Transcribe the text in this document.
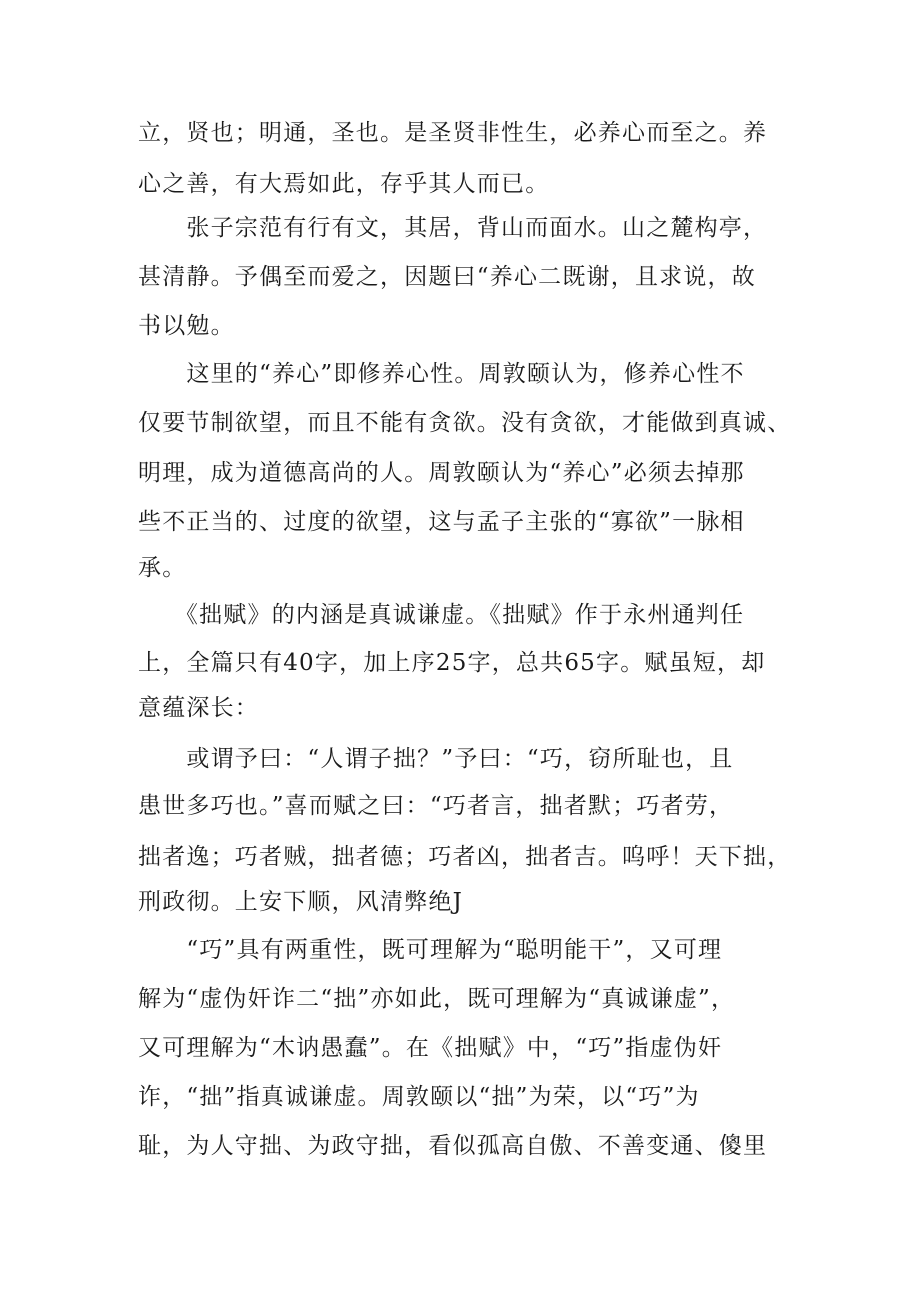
立，贤也；明通，圣也。是圣贤非性生，必养心而至之。养
心之善，有大焉如此，存乎其人而已。
　　张子宗范有行有文，其居，背山而面水。山之麓构亭，
甚清静。予偶至而爱之，因题曰“养心二既谢，且求说，故
书以勉。
　　这里的“养心”即修养心性。周敦颐认为，修养心性不
仅要节制欲望，而且不能有贪欲。没有贪欲，才能做到真诚、
明理，成为道德高尚的人。周敦颐认为“养心”必须去掉那
些不正当的、过度的欲望，这与孟子主张的“寡欲”一脉相
承。
　　《拙赋》的内涵是真诚谦虚。《拙赋》作于永州通判任
上，全篇只有40字，加上序25字，总共65字。赋虽短，却
意蕴深长：
　　或谓予曰：“人谓子拙？”予曰：“巧，窃所耻也，且
患世多巧也。”喜而赋之曰：“巧者言，拙者默；巧者劳，
拙者逸；巧者贼，拙者德；巧者凶，拙者吉。呜呼！天下拙，
刑政彻。上安下顺，风清弊绝J
　　“巧”具有两重性，既可理解为“聪明能干”，又可理
解为“虚伪奸诈二“拙”亦如此，既可理解为“真诚谦虚”，
又可理解为“木讷愚蠢”。在《拙赋》中，“巧”指虚伪奸
诈，“拙”指真诚谦虚。周敦颐以“拙”为荣，以“巧”为
耻，为人守拙、为政守拙，看似孤高自傲、不善变通、傻里
